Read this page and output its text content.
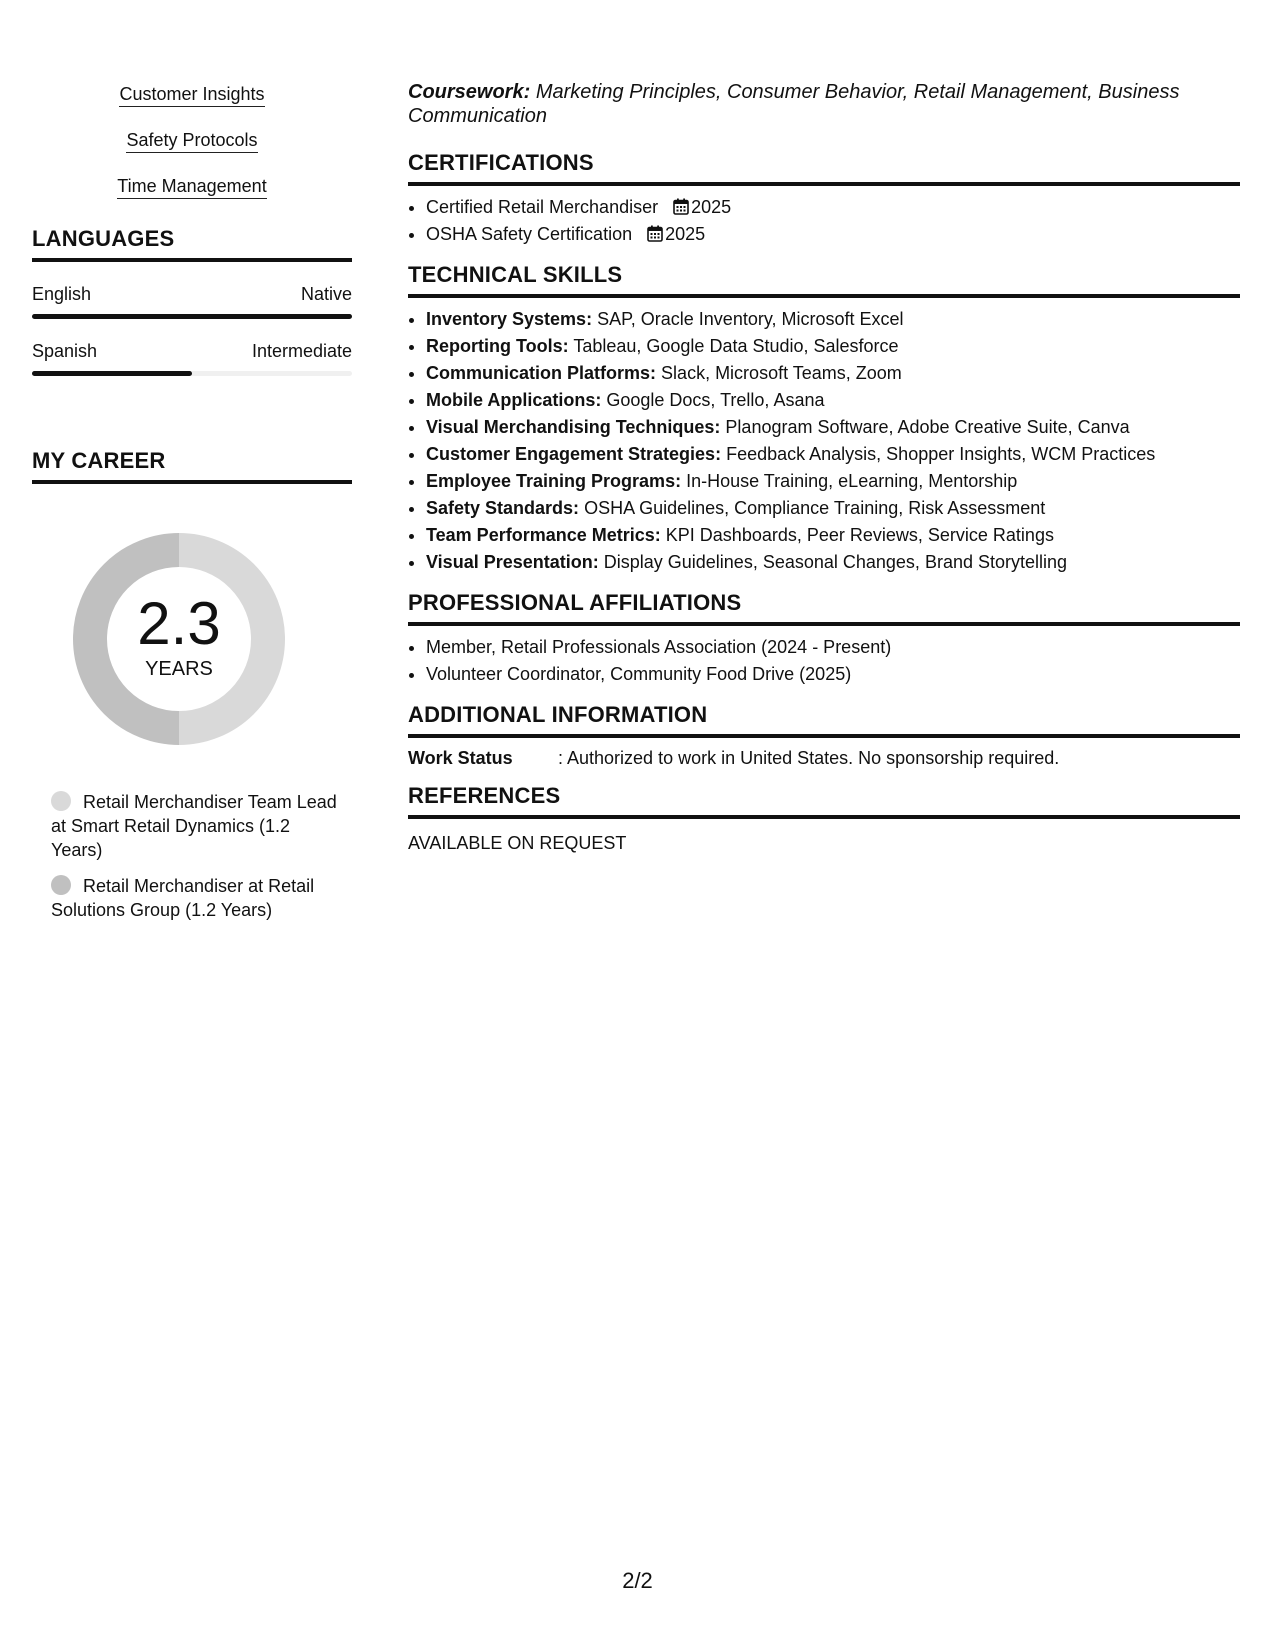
Customer Insights
Safety Protocols
Time Management
LANGUAGES
English	Native
Spanish	Intermediate
MY CAREER
2.3
YEARS
Retail Merchandiser Team Lead at Smart Retail Dynamics (1.2 Years)
Retail Merchandiser at Retail Solutions Group (1.2 Years)

Coursework: Marketing Principles, Consumer Behavior, Retail Management, Business Communication

CERTIFICATIONS
• Certified Retail Merchandiser 2025
• OSHA Safety Certification 2025
TECHNICAL SKILLS
• Inventory Systems: SAP, Oracle Inventory, Microsoft Excel
• Reporting Tools: Tableau, Google Data Studio, Salesforce
• Communication Platforms: Slack, Microsoft Teams, Zoom
• Mobile Applications: Google Docs, Trello, Asana
• Visual Merchandising Techniques: Planogram Software, Adobe Creative Suite, Canva
• Customer Engagement Strategies: Feedback Analysis, Shopper Insights, WCM Practices
• Employee Training Programs: In-House Training, eLearning, Mentorship
• Safety Standards: OSHA Guidelines, Compliance Training, Risk Assessment
• Team Performance Metrics: KPI Dashboards, Peer Reviews, Service Ratings
• Visual Presentation: Display Guidelines, Seasonal Changes, Brand Storytelling
PROFESSIONAL AFFILIATIONS
• Member, Retail Professionals Association (2024 - Present)
• Volunteer Coordinator, Community Food Drive (2025)
ADDITIONAL INFORMATION
Work Status	: Authorized to work in United States. No sponsorship required.
REFERENCES
AVAILABLE ON REQUEST
2/2
